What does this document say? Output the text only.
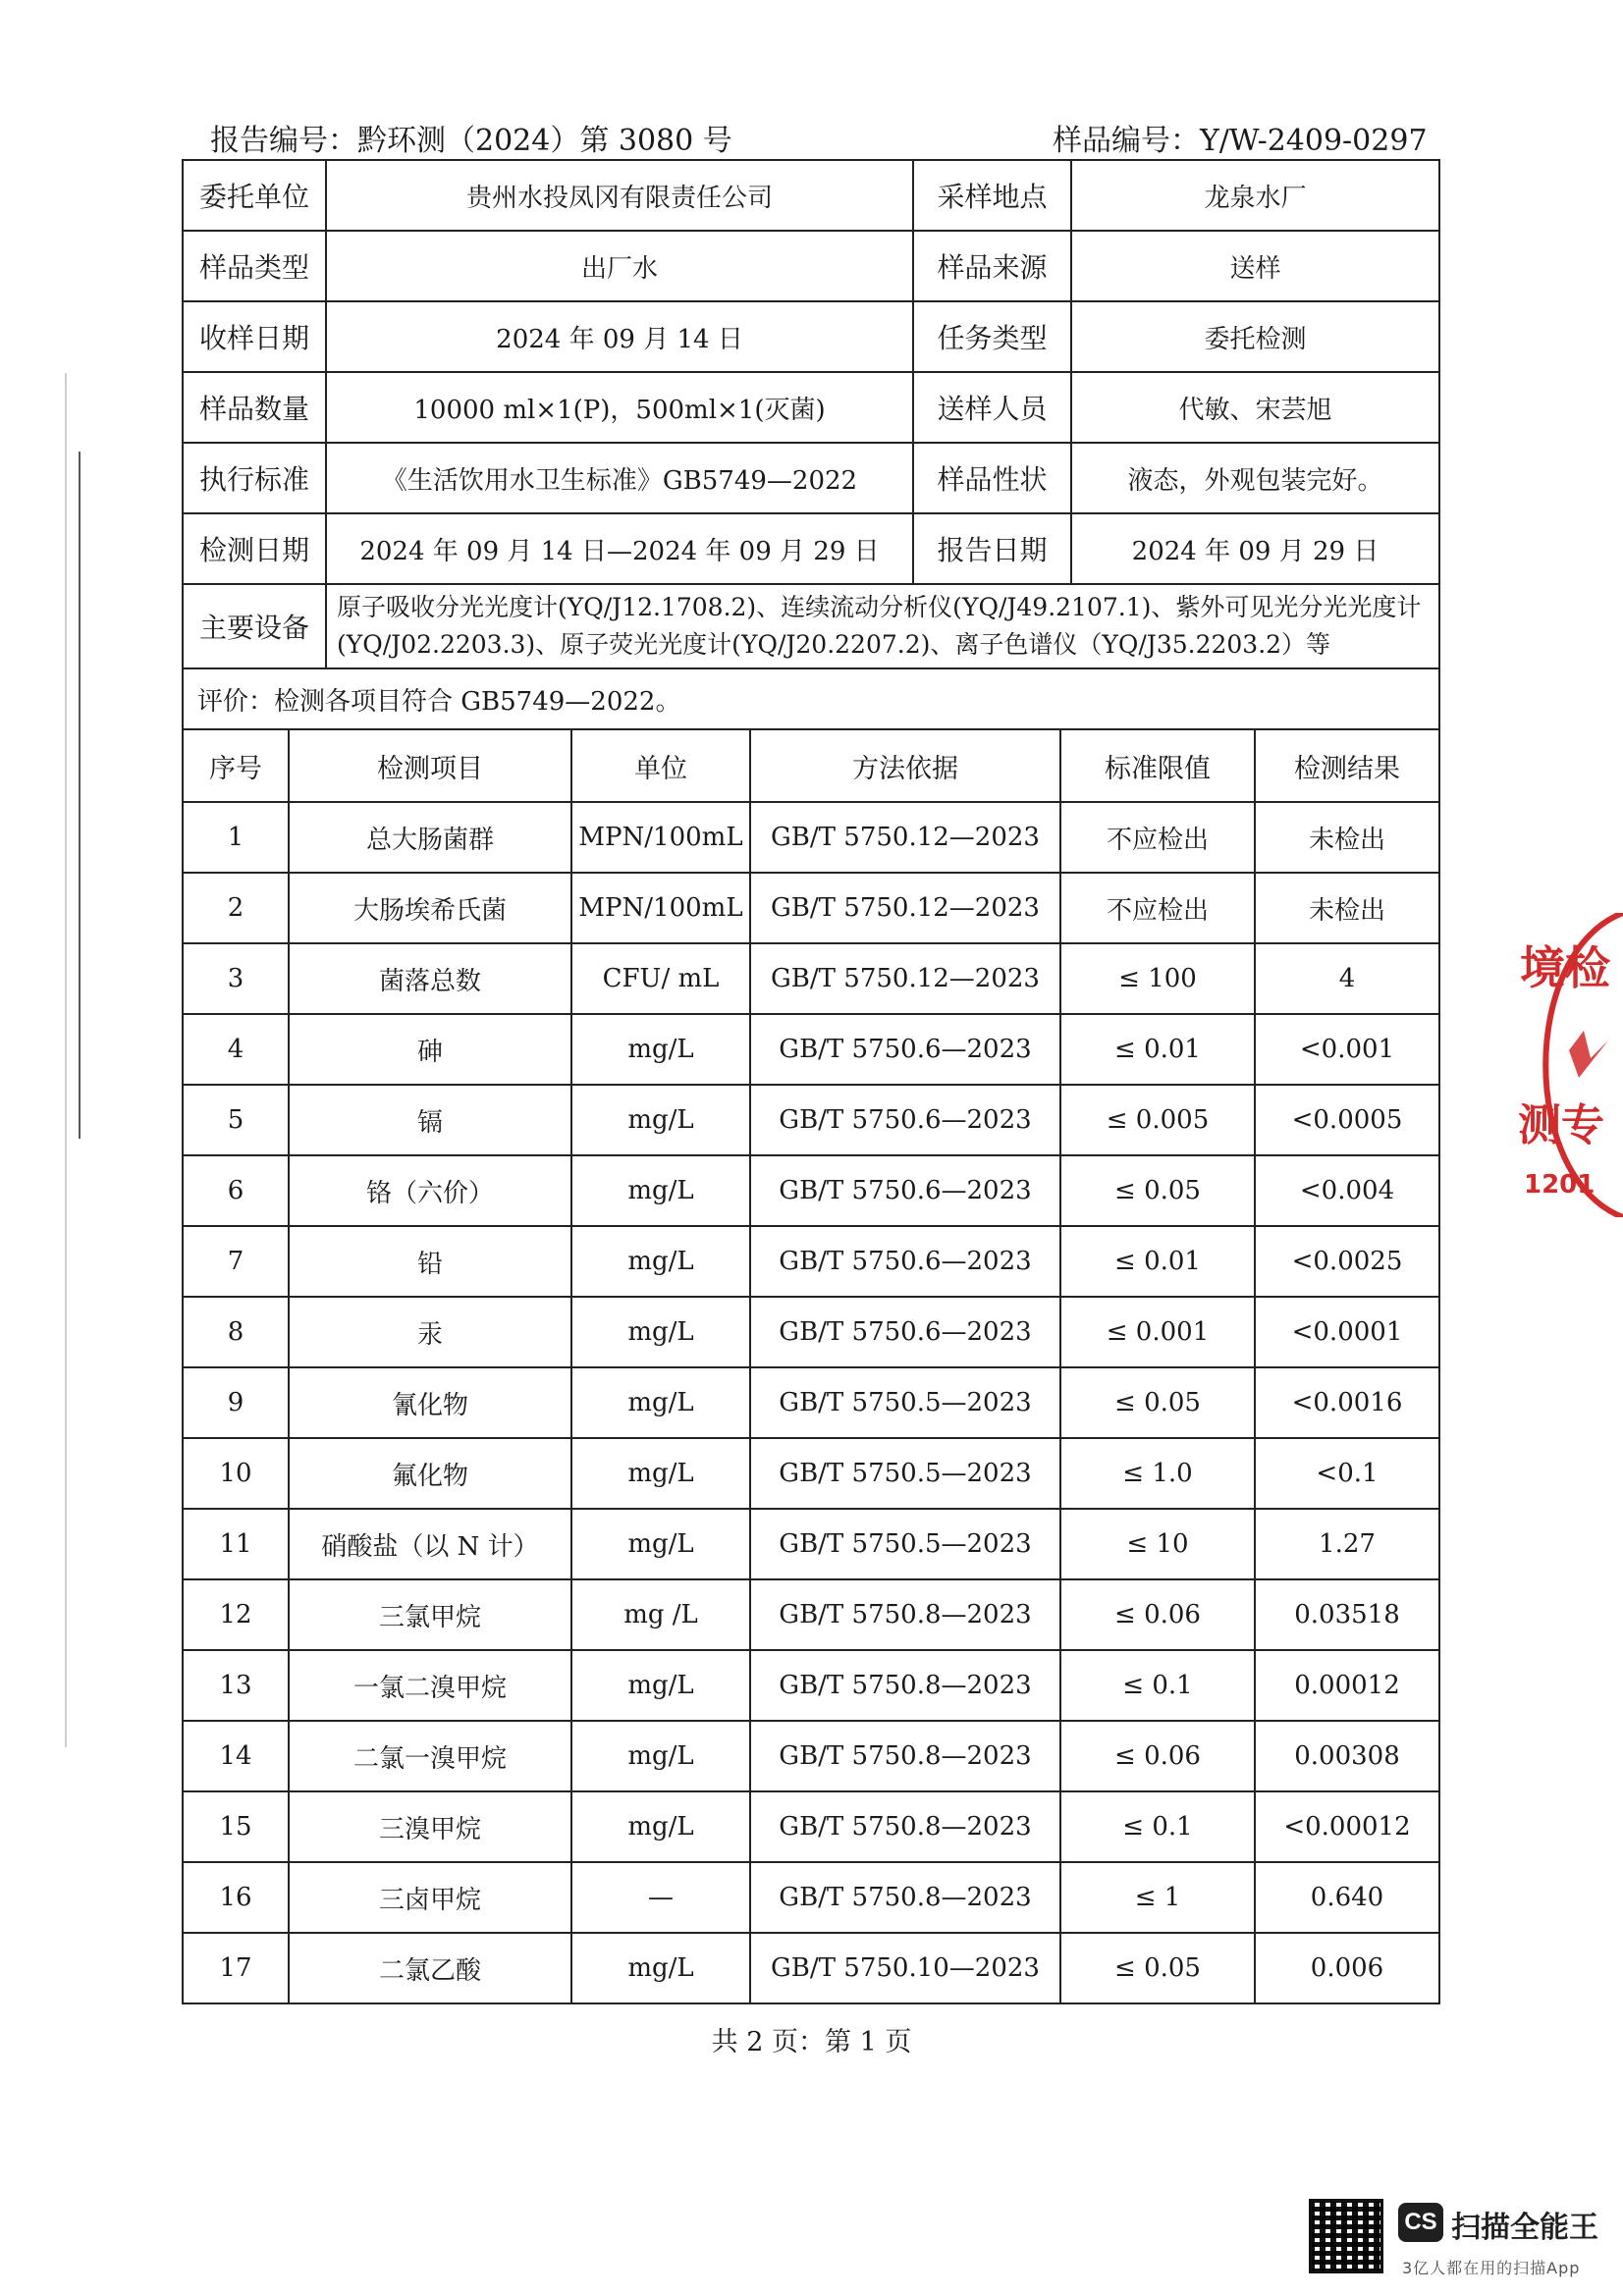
报告编号：黔环测（2024）第 3080 号	样品编号：Y/W-2409-0297
委托单位	贵州水投凤冈有限责任公司	采样地点	龙泉水厂
样品类型	出厂水	样品来源	送样
收样日期	2024 年 09 月 14 日	任务类型	委托检测
样品数量	10000 ml×1(P)，500ml×1(灭菌)	送样人员	代敏、宋芸旭
执行标准	《生活饮用水卫生标准》GB5749—2022	样品性状	液态，外观包装完好。
检测日期	2024 年 09 月 14 日—2024 年 09 月 29 日	报告日期	2024 年 09 月 29 日
主要设备	原子吸收分光光度计(YQ/J12.1708.2)、连续流动分析仪(YQ/J49.2107.1)、紫外可见光分光光度计(YQ/J02.2203.3)、原子荧光光度计(YQ/J20.2207.2)、离子色谱仪（YQ/J35.2203.2）等		
评价：检测各项目符合 GB5749—2022。			
序号	检测项目	单位	方法依据	标准限值	检测结果
1	总大肠菌群	MPN/100mL	GB/T 5750.12—2023	不应检出	未检出
2	大肠埃希氏菌	MPN/100mL	GB/T 5750.12—2023	不应检出	未检出
3	菌落总数	CFU/ mL	GB/T 5750.12—2023	≤ 100	4
4	砷	mg/L	GB/T 5750.6—2023	≤ 0.01	<0.001
5	镉	mg/L	GB/T 5750.6—2023	≤ 0.005	<0.0005
6	铬（六价）	mg/L	GB/T 5750.6—2023	≤ 0.05	<0.004
7	铅	mg/L	GB/T 5750.6—2023	≤ 0.01	<0.0025
8	汞	mg/L	GB/T 5750.6—2023	≤ 0.001	<0.0001
9	氰化物	mg/L	GB/T 5750.5—2023	≤ 0.05	<0.0016
10	氟化物	mg/L	GB/T 5750.5—2023	≤ 1.0	<0.1
11	硝酸盐（以 N 计）	mg/L	GB/T 5750.5—2023	≤ 10	1.27
12	三氯甲烷	mg /L	GB/T 5750.8—2023	≤ 0.06	0.03518
13	一氯二溴甲烷	mg/L	GB/T 5750.8—2023	≤ 0.1	0.00012
14	二氯一溴甲烷	mg/L	GB/T 5750.8—2023	≤ 0.06	0.00308
15	三溴甲烷	mg/L	GB/T 5750.8—2023	≤ 0.1	<0.00012
16	三卤甲烷	—	GB/T 5750.8—2023	≤ 1	0.640
17	二氯乙酸	mg/L	GB/T 5750.10—2023	≤ 0.05	0.006
共 2 页：第 1 页
境检
测专
1201
CS 扫描全能王
3亿人都在用的扫描App
